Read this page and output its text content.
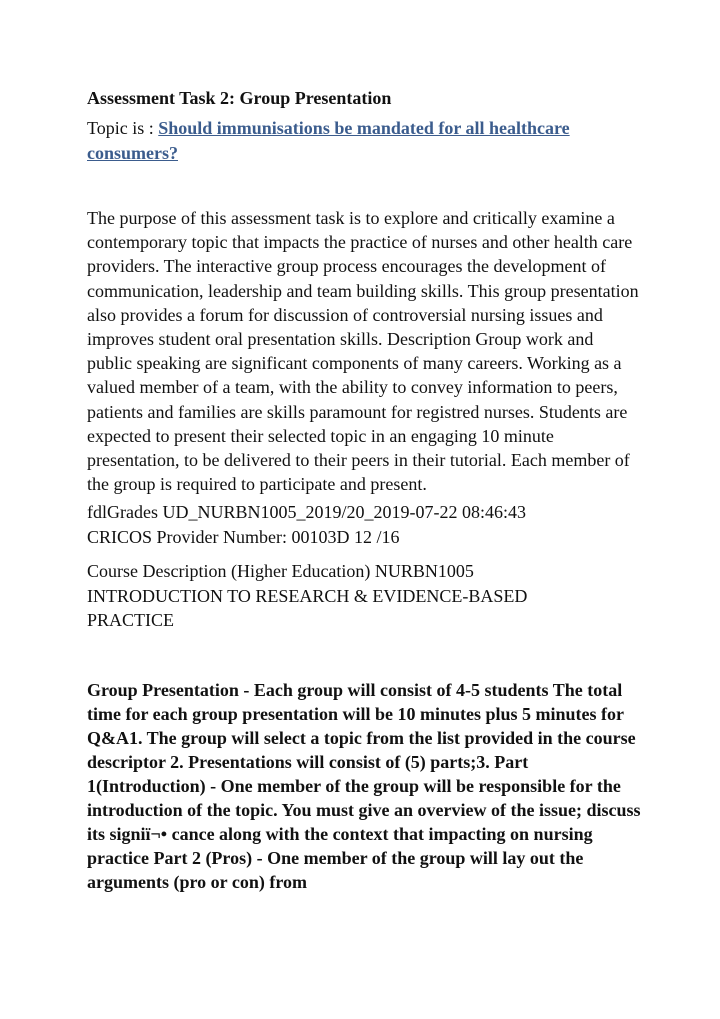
Assessment Task 2: Group Presentation

Topic is : Should immunisations be mandated for all healthcare consumers?

The purpose of this assessment task is to explore and critically examine a contemporary topic that impacts the practice of nurses and other health care providers. The interactive group process encourages the development of communication, leadership and team building skills. This group presentation also provides a forum for discussion of controversial nursing issues and improves student oral presentation skills. Description Group work and public speaking are significant components of many careers. Working as a valued member of a team, with the ability to convey information to peers, patients and families are skills paramount for registred nurses. Students are expected to present their selected topic in an engaging 10 minute presentation, to be delivered to their peers in their tutorial. Each member of the group is required to participate and present.

fdlGrades UD_NURBN1005_2019/20_2019-07-22 08:46:43
CRICOS Provider Number: 00103D 12 /16

Course Description (Higher Education) NURBN1005
INTRODUCTION TO RESEARCH & EVIDENCE-BASED
PRACTICE

Group Presentation - Each group will consist of 4-5 students The total time for each group presentation will be 10 minutes plus 5 minutes for Q&A1. The group will select a topic from the list provided in the course descriptor 2. Presentations will consist of (5) parts;3. Part 1(Introduction) - One member of the group will be responsible for the introduction of the topic. You must give an overview of the issue; discuss its signiï¬• cance along with the context that impacting on nursing practice Part 2 (Pros) - One member of the group will lay out the arguments (pro or con) from
